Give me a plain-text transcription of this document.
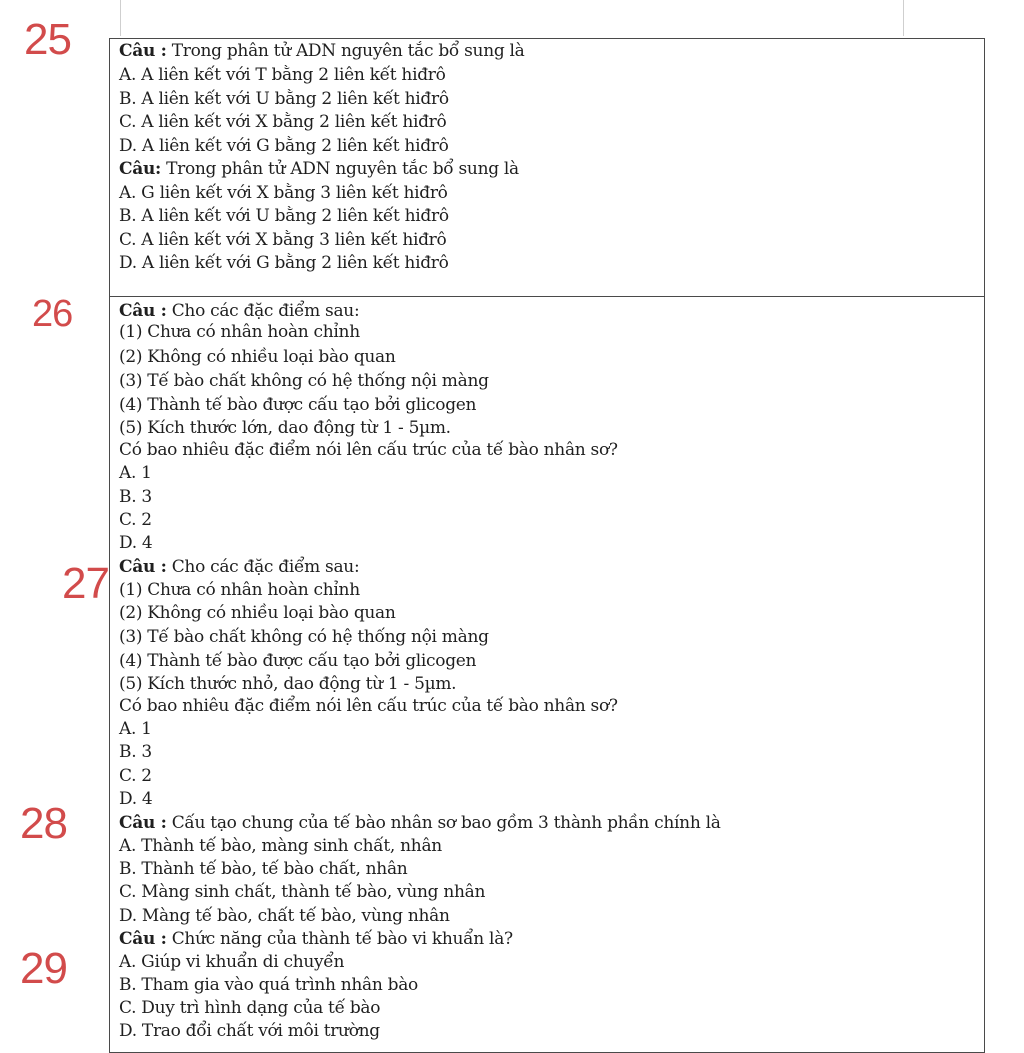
25
26
27
28
29
Câu : Trong phân tử ADN nguyên tắc bổ sung là
A. A liên kết với T bằng 2 liên kết hiđrô
B. A liên kết với U bằng 2 liên kết hiđrô
C. A liên kết với X bằng 2 liên kết hiđrô
D. A liên kết với G bằng 2 liên kết hiđrô
Câu: Trong phân tử ADN nguyên tắc bổ sung là
A. G liên kết với X bằng 3 liên kết hiđrô
B. A liên kết với U bằng 2 liên kết hiđrô
C. A liên kết với X bằng 3 liên kết hiđrô
D. A liên kết với G bằng 2 liên kết hiđrô
Câu : Cho các đặc điểm sau:
(1) Chưa có nhân hoàn chỉnh
(2) Không có nhiều loại bào quan
(3) Tế bào chất không có hệ thống nội màng
(4) Thành tế bào được cấu tạo bởi glicogen
(5) Kích thước lớn, dao động từ 1 - 5µm.
Có bao nhiêu đặc điểm nói lên cấu trúc của tế bào nhân sơ?
A. 1
B. 3
C. 2
D. 4
Câu : Cho các đặc điểm sau:
(1) Chưa có nhân hoàn chỉnh
(2) Không có nhiều loại bào quan
(3) Tế bào chất không có hệ thống nội màng
(4) Thành tế bào được cấu tạo bởi glicogen
(5) Kích thước nhỏ, dao động từ 1 - 5µm.
Có bao nhiêu đặc điểm nói lên cấu trúc của tế bào nhân sơ?
A. 1
B. 3
C. 2
D. 4
Câu : Cấu tạo chung của tế bào nhân sơ bao gồm 3 thành phần chính là
A. Thành tế bào, màng sinh chất, nhân
B. Thành tế bào, tế bào chất, nhân
C. Màng sinh chất, thành tế bào, vùng nhân
D. Màng tế bào, chất tế bào, vùng nhân
Câu : Chức năng của thành tế bào vi khuẩn là?
A. Giúp vi khuẩn di chuyển
B. Tham gia vào quá trình nhân bào
C. Duy trì hình dạng của tế bào
D. Trao đổi chất với môi trường
